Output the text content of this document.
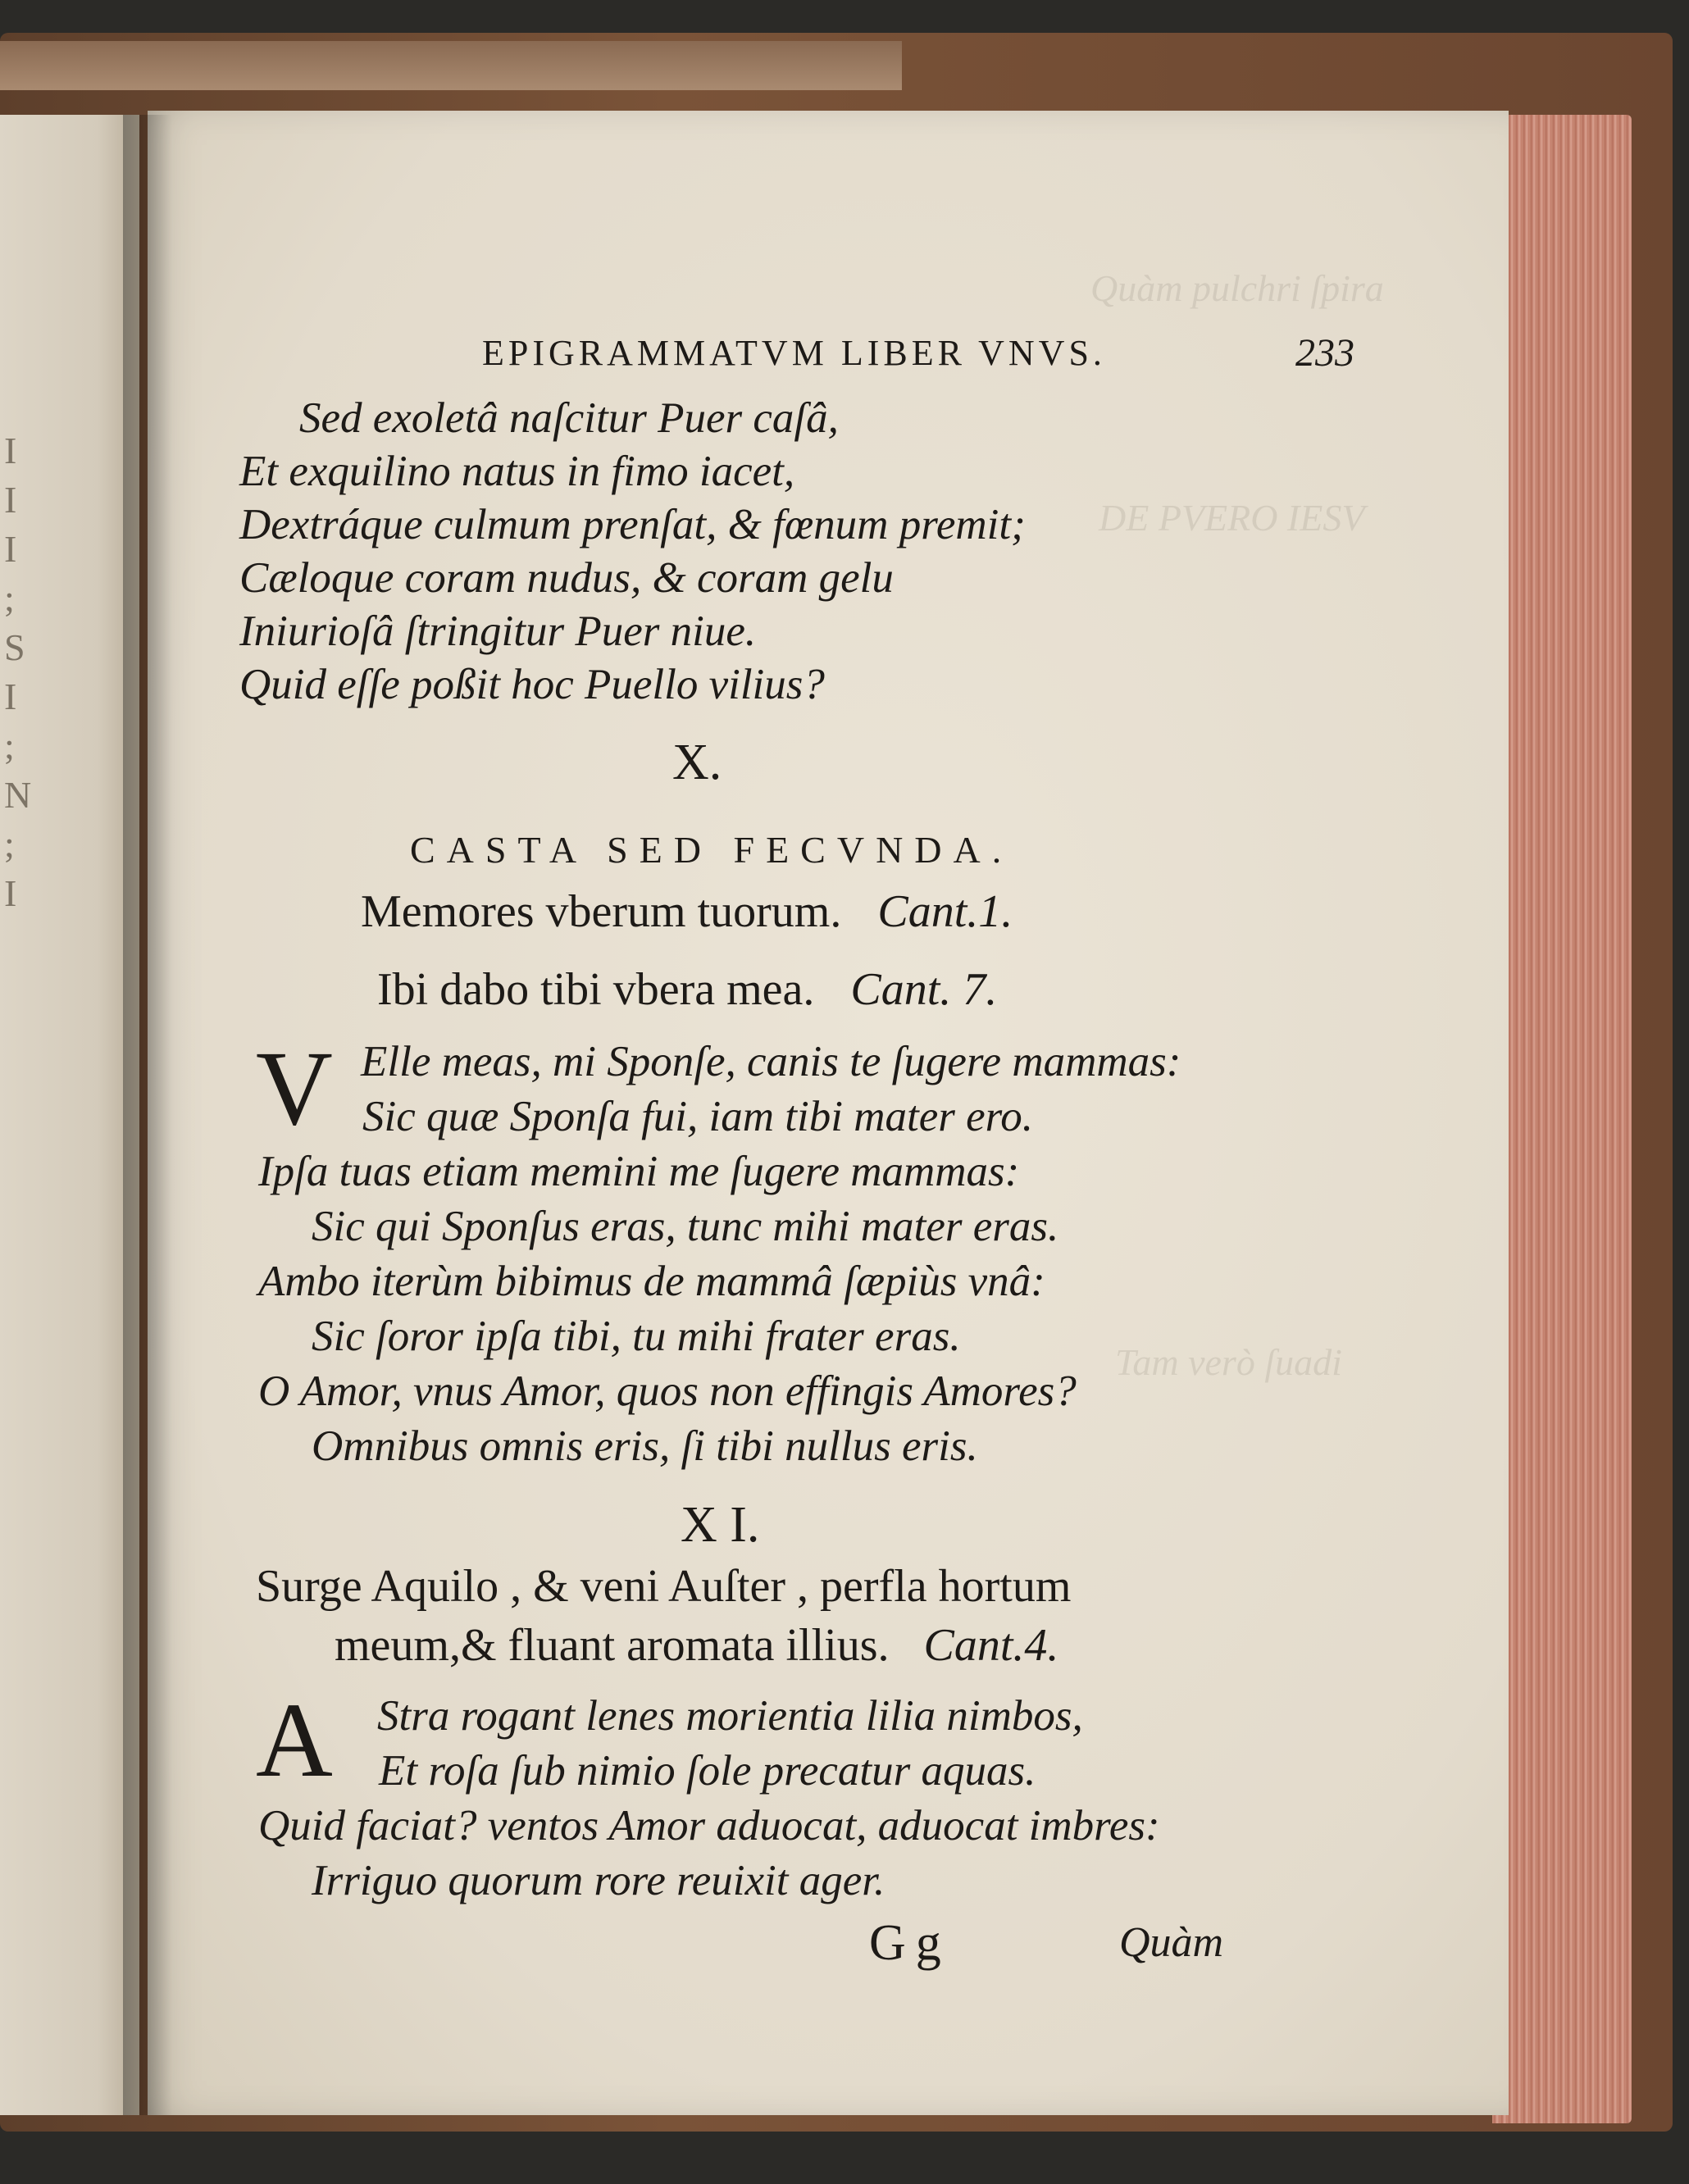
I
I
I
;
S
I
;
N
;
I
Quàm pulchri ſpira
DE PVERO IESV
Tam verò ſuadi
EPIGRAMMATVM LIBER VNVS.	233
Sed exoletâ naſcitur Puer caſâ,
Et exquilino natus in fimo iacet,
Dextráque culmum prenſat, & fœnum premit;
Cæloque coram nudus, & coram gelu
Iniurioſâ ſtringitur Puer niue.
Quid eſſe poßit hoc Puello vilius?
X.
CASTA SED FECVNDA.
Memores vberum tuorum. Cant.1.
Ibi dabo tibi vbera mea. Cant. 7.
V Elle meas, mi Sponſe, canis te ſugere mammas:
Sic quæ Sponſa fui, iam tibi mater ero.
Ipſa tuas etiam memini me ſugere mammas:
Sic qui Sponſus eras, tunc mihi mater eras.
Ambo iterùm bibimus de mammâ ſæpiùs vnâ:
Sic ſoror ipſa tibi, tu mihi frater eras.
O Amor, vnus Amor, quos non effingis Amores?
Omnibus omnis eris, ſi tibi nullus eris.
X I.
Surge Aquilo , & veni Auſter , perfla hortum
meum,& fluant aromata illius. Cant.4.
A Stra rogant lenes morientia lilia nimbos,
Et roſa ſub nimio ſole precatur aquas.
Quid faciat? ventos Amor aduocat, aduocat imbres:
Irriguo quorum rore reuixit ager.
Gg	Quàm
